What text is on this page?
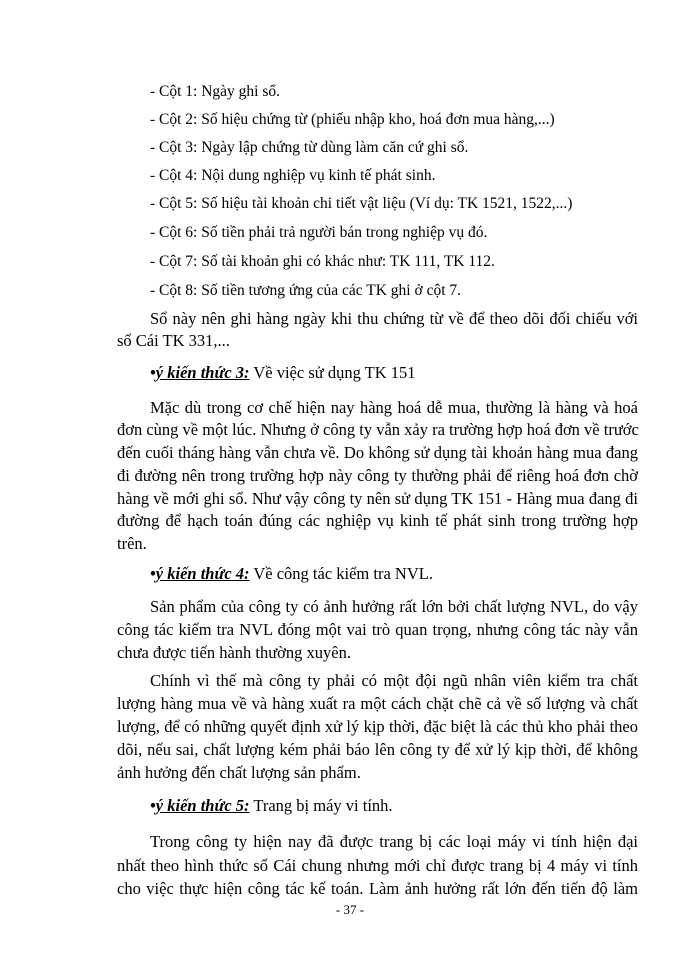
- Cột 1: Ngày ghi sổ.
- Cột 2: Số hiệu chứng từ (phiếu nhập kho, hoá đơn mua hàng,...)
- Cột 3: Ngày lập chứng từ dùng làm căn cứ ghi sổ.
- Cột 4: Nội dung nghiệp vụ kinh tế phát sinh.
- Cột 5: Số hiệu tài khoản chi tiết vật liệu (Ví dụ: TK 1521, 1522,...)
- Cột 6: Số tiền phải trả người bán trong nghiệp vụ đó.
- Cột 7: Số tài khoản ghi có khác như: TK 111, TK 112.
- Cột 8: Số tiền tương ứng của các TK ghi ở cột 7.
Sổ này nên ghi hàng ngày khi thu chứng từ về để theo dõi đối chiếu với
sổ Cái TK 331,...
•ý kiến thức 3: Về việc sử dụng TK 151
Mặc dù trong cơ chế hiện nay hàng hoá dễ mua, thường là hàng và hoá
đơn cùng về một lúc. Nhưng ở công ty vẫn xảy ra trường hợp hoá đơn về trước
đến cuối tháng hàng vẫn chưa về. Do không sử dụng tài khoản hàng mua đang
đi đường nên trong trường hợp này công ty thường phải để riêng hoá đơn chờ
hàng về mới ghi sổ. Như vậy công ty nên sử dụng TK 151 - Hàng mua đang đi
đường để hạch toán đúng các nghiệp vụ kinh tế phát sinh trong trường hợp
trên.
•ý kiến thức 4: Về công tác kiểm tra NVL.
Sản phẩm của công ty có ảnh hưởng rất lớn bởi chất lượng NVL, do vậy
công tác kiểm tra NVL đóng một vai trò quan trọng, nhưng công tác này vẫn
chưa được tiến hành thường xuyên.
Chính vì thế mà công ty phải có một đội ngũ nhân viên kiểm tra chất
lượng hàng mua về và hàng xuất ra một cách chặt chẽ cả về số lượng và chất
lượng, để có những quyết định xử lý kịp thời, đặc biệt là các thủ kho phải theo
dõi, nếu sai, chất lượng kém phải báo lên công ty để xử lý kịp thời, để không
ảnh hưởng đến chất lượng sản phẩm.
•ý kiến thức 5: Trang bị máy vi tính.
Trong công ty hiện nay đã được trang bị các loại máy vi tính hiện đại
nhất theo hình thức sổ Cái chung nhưng mới chỉ được trang bị 4 máy vi tính
cho việc thực hiện công tác kế toán. Làm ảnh hưởng rất lớn đến tiến độ làm
- 37 -
